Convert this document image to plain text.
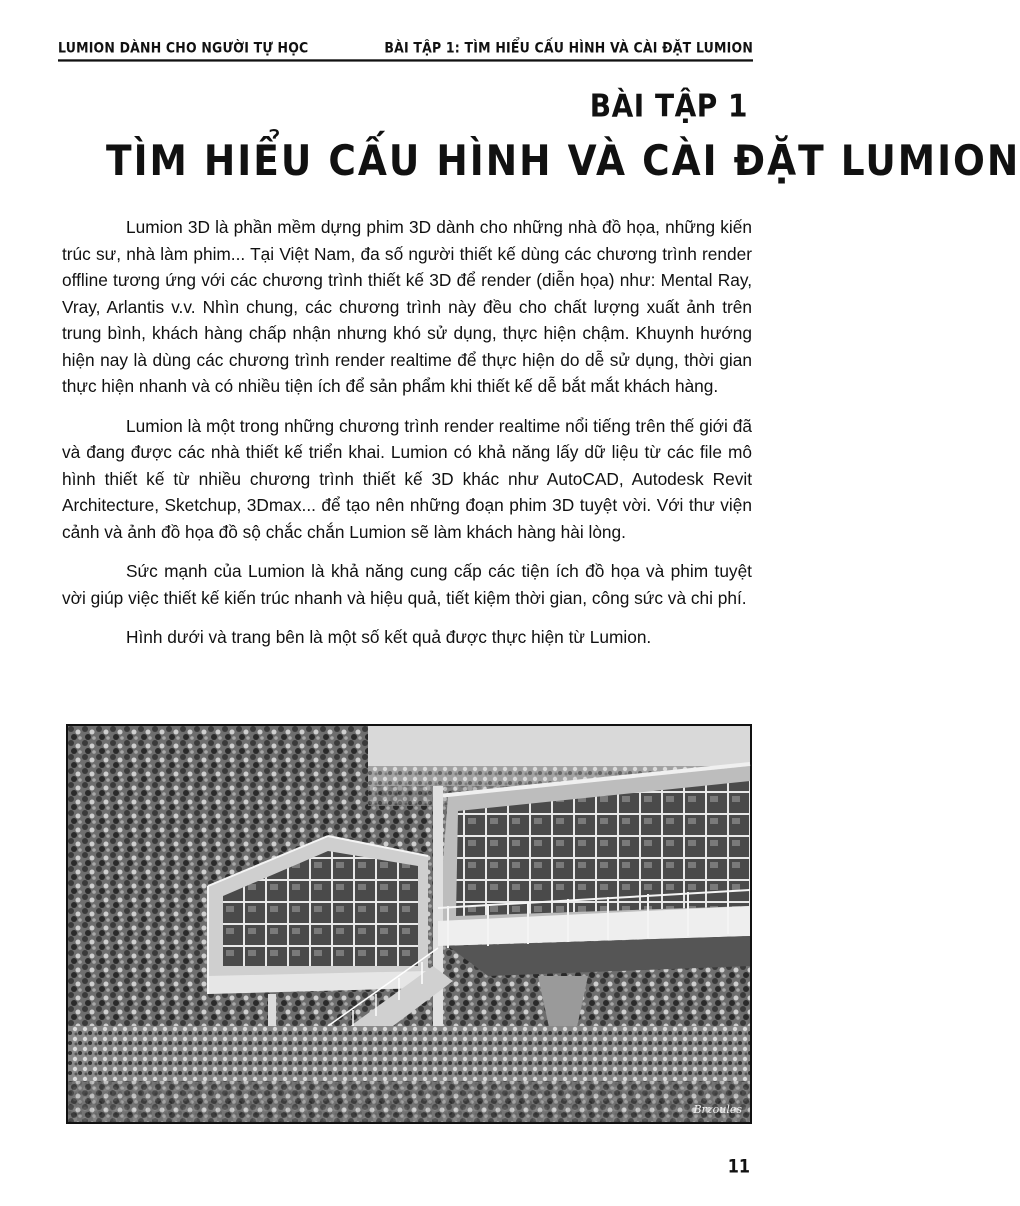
LUMION DÀNH CHO NGƯỜI TỰ HỌC	BÀI TẬP 1: TÌM HIỂU CẤU HÌNH VÀ CÀI ĐẶT LUMION
BÀI TẬP 1
TÌM HIỂU CẤU HÌNH VÀ CÀI ĐẶT LUMION

Lumion 3D là phần mềm dựng phim 3D dành cho những nhà đồ họa, những kiến trúc sư, nhà làm phim... Tại Việt Nam, đa số người thiết kế dùng các chương trình render offline tương ứng với các chương trình thiết kế 3D để render (diễn họa) như: Mental Ray, Vray, Arlantis v.v. Nhìn chung, các chương trình này đều cho chất lượng xuất ảnh trên trung bình, khách hàng chấp nhận nhưng khó sử dụng, thực hiện chậm. Khuynh hướng hiện nay là dùng các chương trình render realtime để thực hiện do dễ sử dụng, thời gian thực hiện nhanh và có nhiều tiện ích để sản phẩm khi thiết kế dễ bắt mắt khách hàng.

Lumion là một trong những chương trình render realtime nổi tiếng trên thế giới đã và đang được các nhà thiết kế triển khai. Lumion có khả năng lấy dữ liệu từ các file mô hình thiết kế từ nhiều chương trình thiết kế 3D khác như AutoCAD, Autodesk Revit Architecture, Sketchup, 3Dmax... để tạo nên những đoạn phim 3D tuyệt vời. Với thư viện cảnh và ảnh đồ họa đồ sộ chắc chắn Lumion sẽ làm khách hàng hài lòng.

Sức mạnh của Lumion là khả năng cung cấp các tiện ích đồ họa và phim tuyệt vời giúp việc thiết kế kiến trúc nhanh và hiệu quả, tiết kiệm thời gian, công sức và chi phí.

Hình dưới và trang bên là một số kết quả được thực hiện từ Lumion.

Brzoules
11
